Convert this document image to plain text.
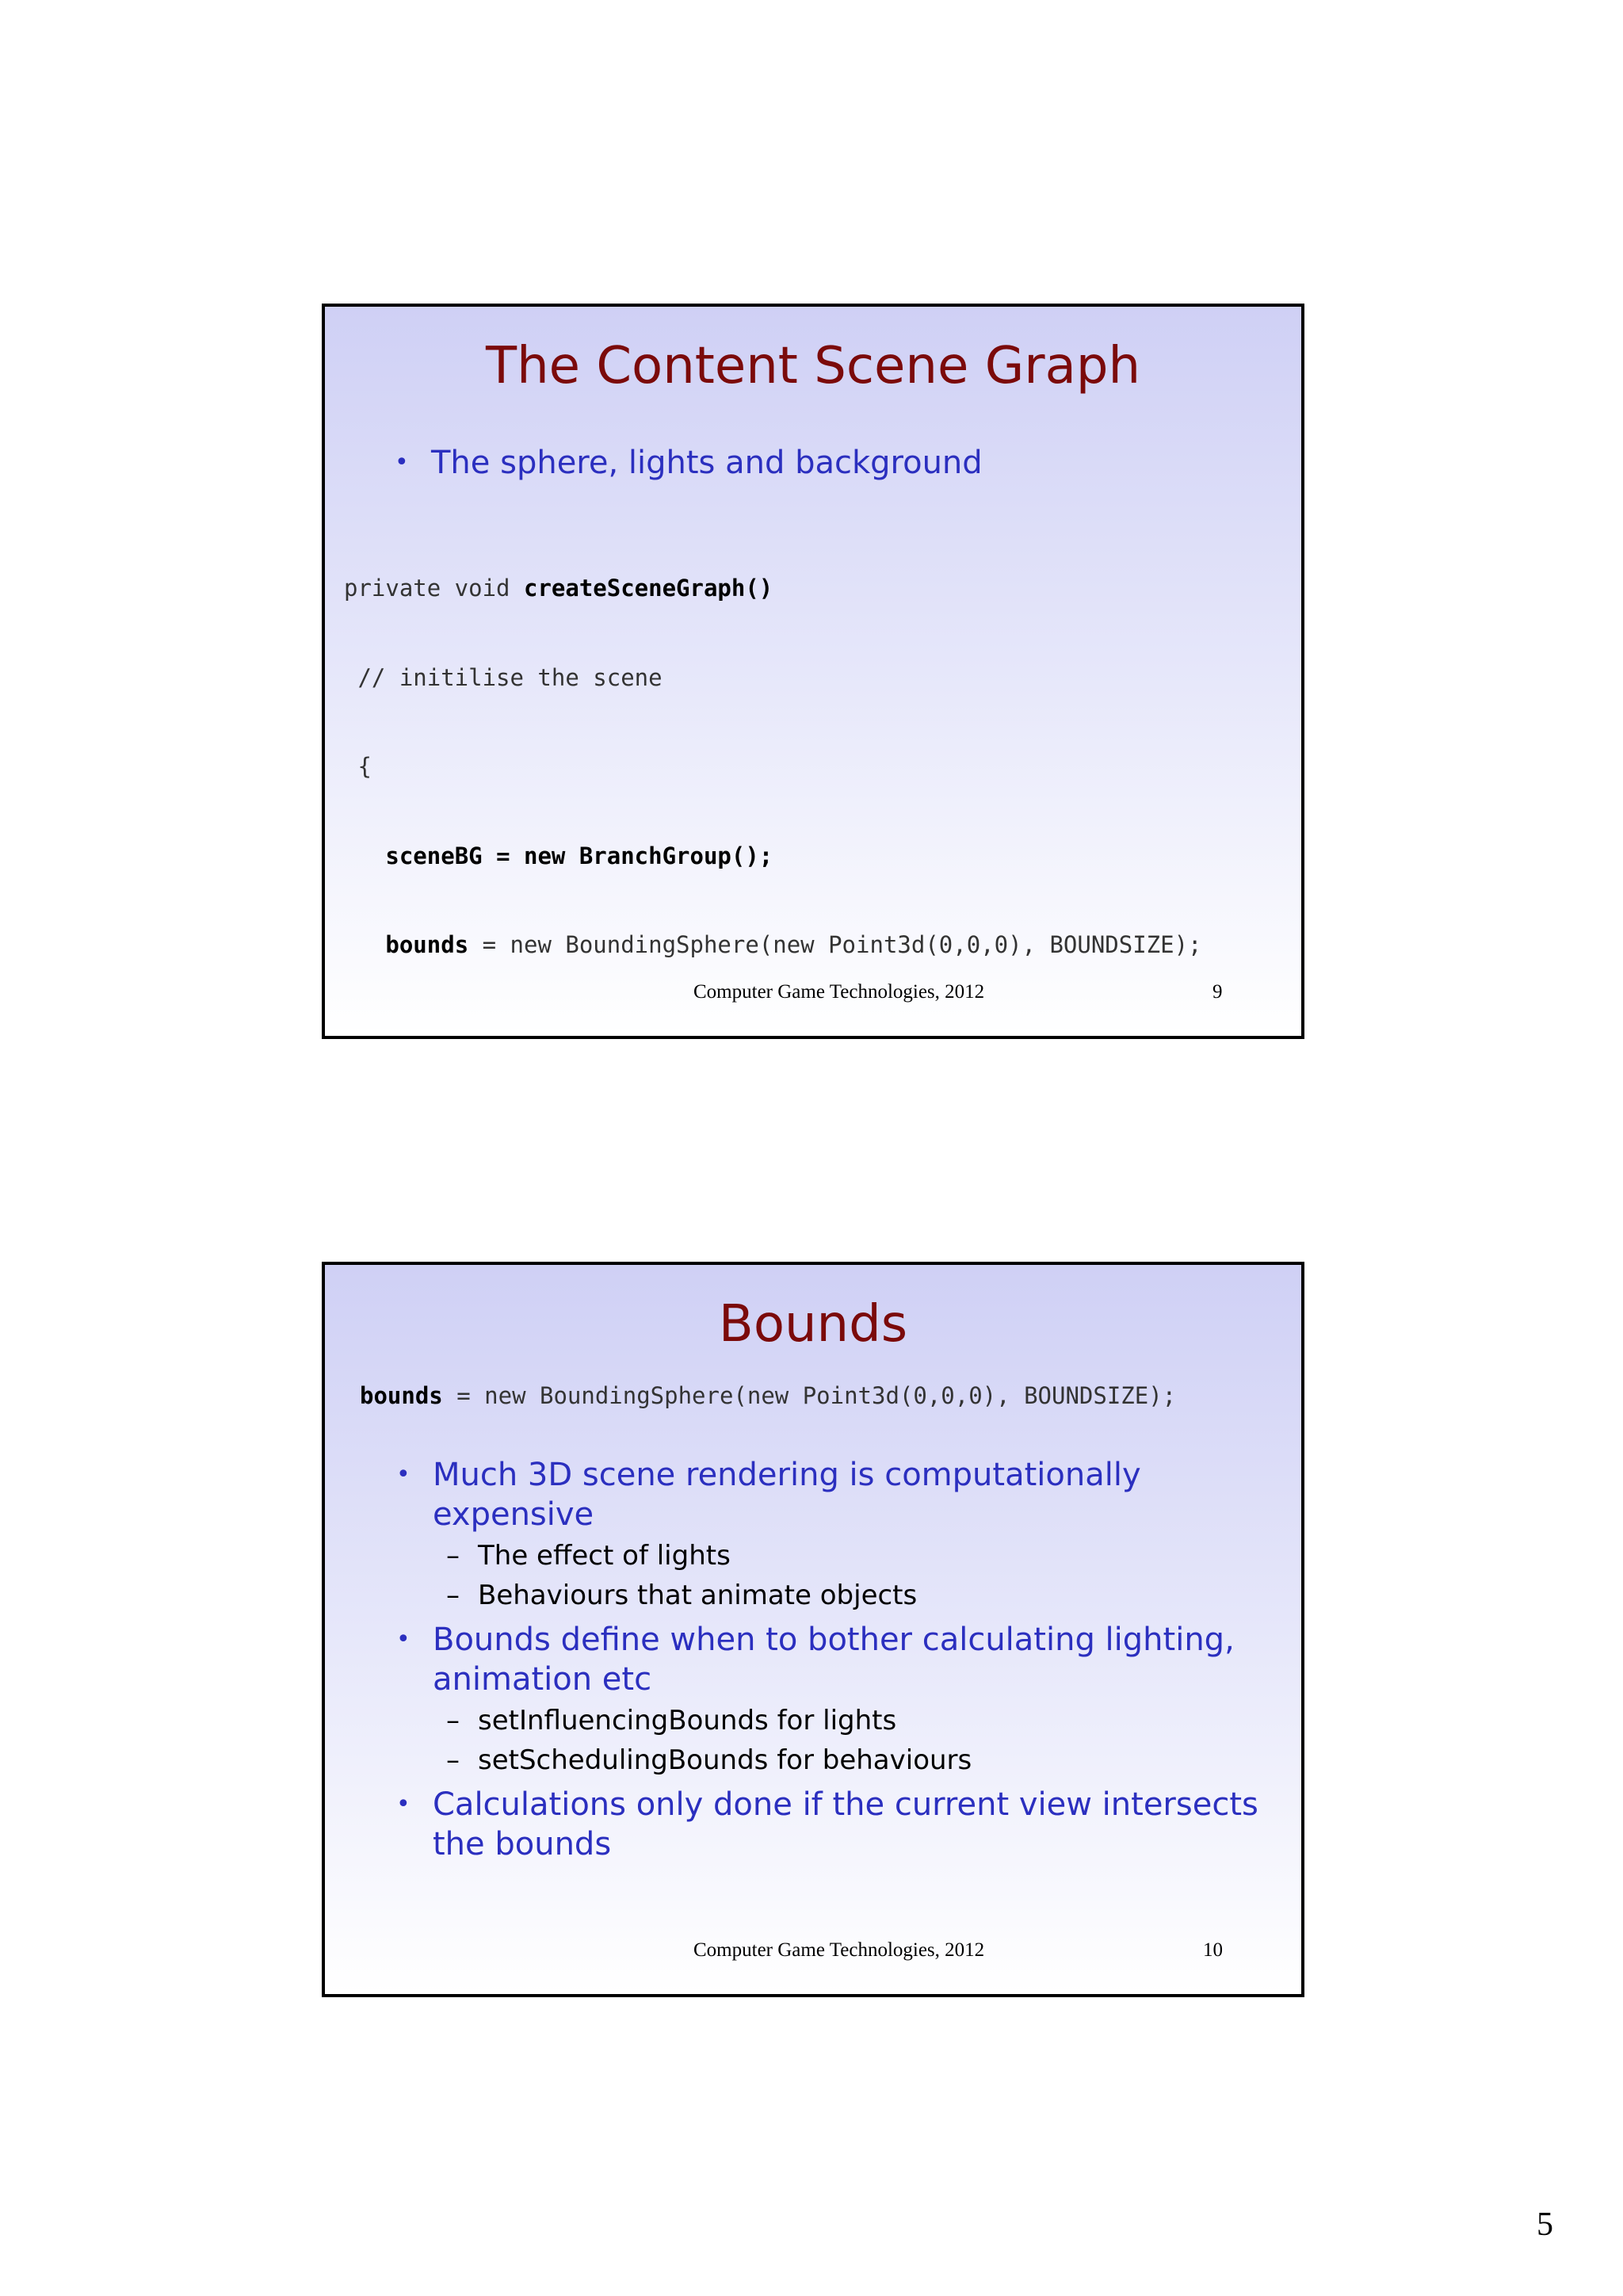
The Content Scene Graph
• The sphere, lights and background

private void createSceneGraph()

// initilise the scene

{

sceneBG = new BranchGroup();

bounds = new BoundingSphere(new Point3d(0,0,0), BOUNDSIZE);

Computer Game Technologies, 2012	9
Bounds
bounds = new BoundingSphere(new Point3d(0,0,0), BOUNDSIZE);
• Much 3D scene rendering is computationally expensive
– The effect of lights
– Behaviours that animate objects
• Bounds define when to bother calculating lighting, animation etc
– setInfluencingBounds for lights
– setSchedulingBounds for behaviours
• Calculations only done if the current view intersects the bounds
Computer Game Technologies, 2012	10
5
